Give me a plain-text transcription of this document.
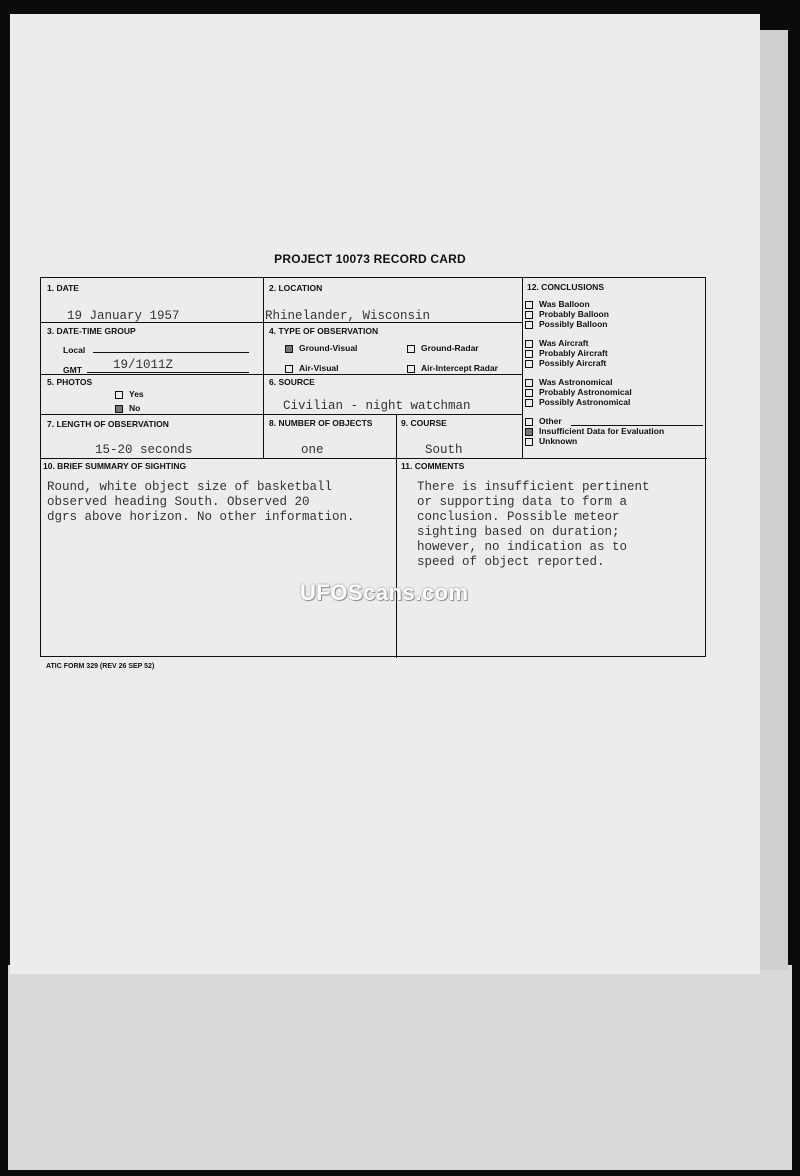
PROJECT 10073 RECORD CARD
1. DATE
19 January 1957
2. LOCATION
Rhinelander, Wisconsin
3. DATE-TIME GROUP
Local
GMT 19/1011Z
4. TYPE OF OBSERVATION
Ground-Visual	Ground-Radar
Air-Visual	Air-Intercept Radar
5. PHOTOS
Yes
No
6. SOURCE
Civilian - night watchman
7. LENGTH OF OBSERVATION
15-20 seconds
8. NUMBER OF OBJECTS
one
9. COURSE
South
12. CONCLUSIONS
Was Balloon
Probably Balloon
Possibly Balloon
Was Aircraft
Probably Aircraft
Possibly Aircraft
Was Astronomical
Probably Astronomical
Possibly Astronomical
Other
Insufficient Data for Evaluation
Unknown
10. BRIEF SUMMARY OF SIGHTING
Round, white object size of basketball
observed heading South. Observed 20
dgrs above horizon. No other information.
11. COMMENTS
There is insufficient pertinent
or supporting data to form a
conclusion. Possible meteor
sighting based on duration;
however, no indication as to
speed of object reported.
ATIC FORM 329 (REV 26 SEP 52)
UFOScans.com
